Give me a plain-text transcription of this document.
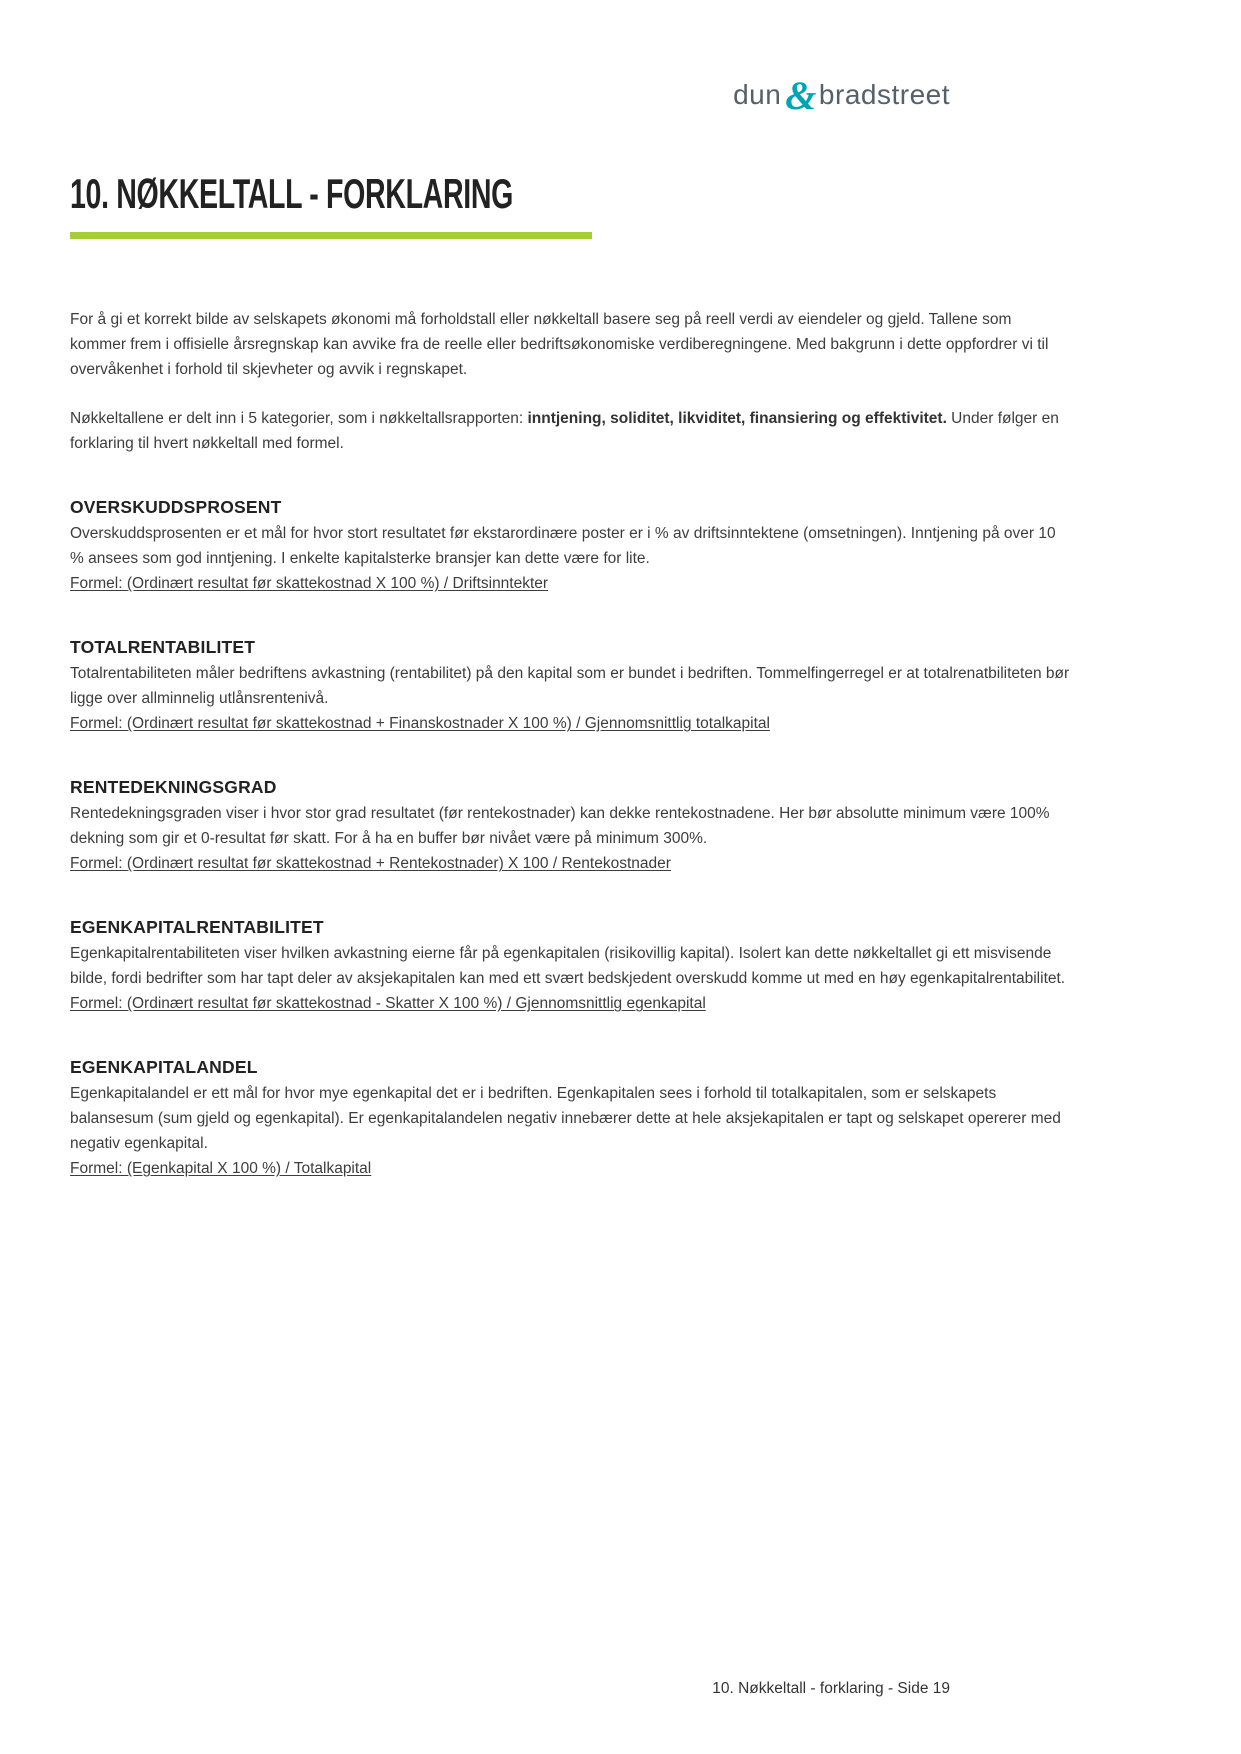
dun &bradstreet
10. NØKKELTALL - FORKLARING

For å gi et korrekt bilde av selskapets økonomi må forholdstall eller nøkkeltall basere seg på reell verdi av eiendeler og gjeld. Tallene som kommer frem i offisielle årsregnskap kan avvike fra de reelle eller bedriftsøkonomiske verdiberegningene. Med bakgrunn i dette oppfordrer vi til overvåkenhet i forhold til skjevheter og avvik i regnskapet.

Nøkkeltallene er delt inn i 5 kategorier, som i nøkkeltallsrapporten: inntjening, soliditet, likviditet, finansiering og effektivitet. Under følger en forklaring til hvert nøkkeltall med formel.

OVERSKUDDSPROSENT

Overskuddsprosenten er et mål for hvor stort resultatet før ekstarordinære poster er i % av driftsinntektene (omsetningen). Inntjening på over 10 % ansees som god inntjening. I enkelte kapitalsterke bransjer kan dette være for lite.

Formel: (Ordinært resultat før skattekostnad X 100 %) / Driftsinntekter

TOTALRENTABILITET

Totalrentabiliteten måler bedriftens avkastning (rentabilitet) på den kapital som er bundet i bedriften. Tommelfingerregel er at totalrenatbiliteten bør ligge over allminnelig utlånsrentenivå.

Formel: (Ordinært resultat før skattekostnad + Finanskostnader X 100 %) / Gjennomsnittlig totalkapital

RENTEDEKNINGSGRAD

Rentedekningsgraden viser i hvor stor grad resultatet (før rentekostnader) kan dekke rentekostnadene. Her bør absolutte minimum være 100% dekning som gir et 0-resultat før skatt. For å ha en buffer bør nivået være på minimum 300%.

Formel: (Ordinært resultat før skattekostnad + Rentekostnader) X 100 / Rentekostnader

EGENKAPITALRENTABILITET

Egenkapitalrentabiliteten viser hvilken avkastning eierne får på egenkapitalen (risikovillig kapital). Isolert kan dette nøkkeltallet gi ett misvisende bilde, fordi bedrifter som har tapt deler av aksjekapitalen kan med ett svært bedskjedent overskudd komme ut med en høy egenkapitalrentabilitet.

Formel: (Ordinært resultat før skattekostnad - Skatter X 100 %) / Gjennomsnittlig egenkapital

EGENKAPITALANDEL

Egenkapitalandel er ett mål for hvor mye egenkapital det er i bedriften. Egenkapitalen sees i forhold til totalkapitalen, som er selskapets balansesum (sum gjeld og egenkapital). Er egenkapitalandelen negativ innebærer dette at hele aksjekapitalen er tapt og selskapet opererer med negativ egenkapital.

Formel: (Egenkapital X 100 %) / Totalkapital

10. Nøkkeltall - forklaring - Side 19
